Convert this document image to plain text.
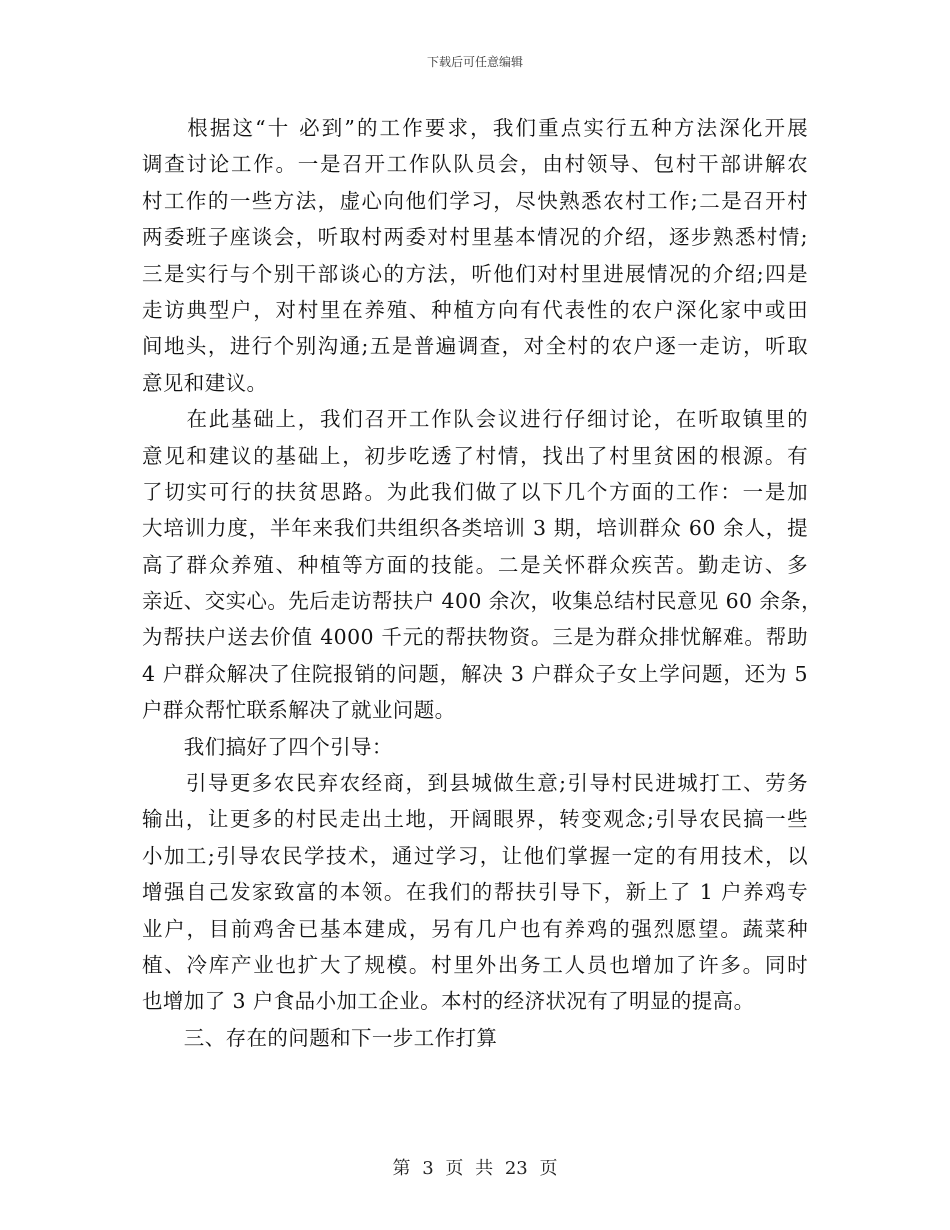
下载后可任意编辑
　　根据这“十 必到”的工作要求，我们重点实行五种方法深化开展
调查讨论工作。一是召开工作队队员会，由村领导、包村干部讲解农
村工作的一些方法，虚心向他们学习，尽快熟悉农村工作;二是召开村
两委班子座谈会，听取村两委对村里基本情况的介绍，逐步熟悉村情;
三是实行与个别干部谈心的方法，听他们对村里进展情况的介绍;四是
走访典型户，对村里在养殖、种植方向有代表性的农户深化家中或田
间地头，进行个别沟通;五是普遍调查，对全村的农户逐一走访，听取
意见和建议。
　　在此基础上，我们召开工作队会议进行仔细讨论，在听取镇里的
意见和建议的基础上，初步吃透了村情，找出了村里贫困的根源。有
了切实可行的扶贫思路。为此我们做了以下几个方面的工作：一是加
大培训力度，半年来我们共组织各类培训 3 期，培训群众 60 余人，提
高了群众养殖、种植等方面的技能。二是关怀群众疾苦。勤走访、多
亲近、交实心。先后走访帮扶户 400 余次，收集总结村民意见 60 余条，
为帮扶户送去价值 4000 千元的帮扶物资。三是为群众排忧解难。帮助
4 户群众解决了住院报销的问题，解决 3 户群众子女上学问题，还为 5
户群众帮忙联系解决了就业问题。
　　我们搞好了四个引导：
　　引导更多农民弃农经商，到县城做生意;引导村民进城打工、劳务
输出，让更多的村民走出土地，开阔眼界，转变观念;引导农民搞一些
小加工;引导农民学技术，通过学习，让他们掌握一定的有用技术，以
增强自己发家致富的本领。在我们的帮扶引导下，新上了 1 户养鸡专
业户，目前鸡舍已基本建成，另有几户也有养鸡的强烈愿望。蔬菜种
植、冷库产业也扩大了规模。村里外出务工人员也增加了许多。同时
也增加了 3 户食品小加工企业。本村的经济状况有了明显的提高。
　　三、存在的问题和下一步工作打算
第 3 页 共 23 页
